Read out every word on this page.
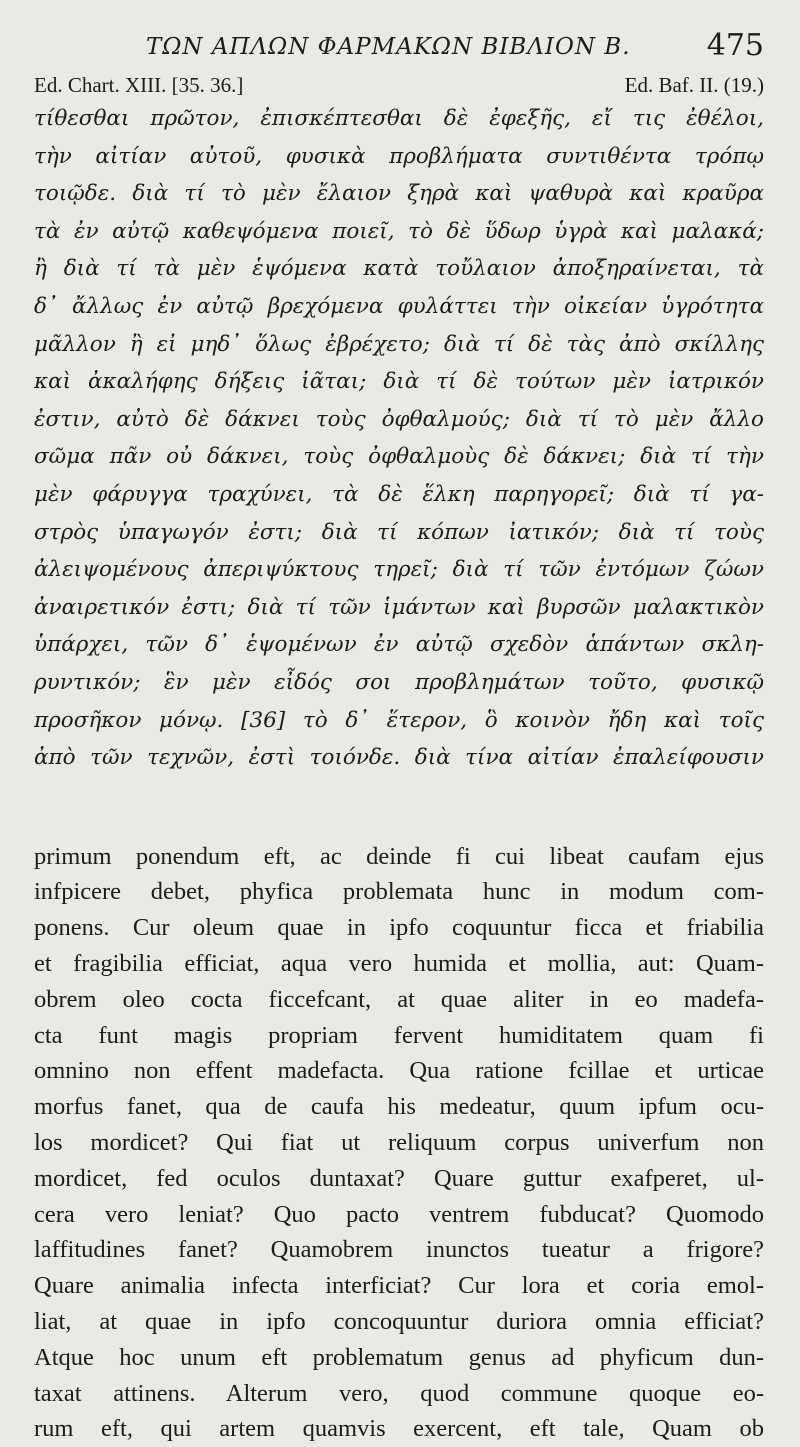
ΤΩΝ ΑΠΛΩΝ ΦΑΡΜΑΚΩΝ ΒΙΒΛΙΟΝ Β.	475
Ed. Chart. XIII. [35. 36.]	Ed. Baf. II. (19.)
τίθεσθαι πρῶτον, ἐπισκέπτεσθαι δὲ ἐφεξῆς, εἴ τις ἐθέλοι,
τὴν αἰτίαν αὐτοῦ, φυσικὰ προβλήματα συντιθέντα τρόπῳ
τοιῷδε. διὰ τί τὸ μὲν ἔλαιον ξηρὰ καὶ ψαθυρὰ καὶ κραῦρα
τὰ ἐν αὐτῷ καθεψόμενα ποιεῖ, τὸ δὲ ὕδωρ ὑγρὰ καὶ μαλακά;
ἢ διὰ τί τὰ μὲν ἑψόμενα κατὰ τοὔλαιον ἀποξηραίνεται, τὰ
δ᾽ ἄλλως ἐν αὐτῷ βρεχόμενα φυλάττει τὴν οἰκείαν ὑγρότητα
μᾶλλον ἢ εἰ μηδ᾽ ὅλως ἐβρέχετο; διὰ τί δὲ τὰς ἀπὸ σκίλλης
καὶ ἀκαλήφης δήξεις ἰᾶται; διὰ τί δὲ τούτων μὲν ἰατρικόν
ἐστιν, αὐτὸ δὲ δάκνει τοὺς ὀφθαλμούς; διὰ τί τὸ μὲν ἄλλο
σῶμα πᾶν οὐ δάκνει, τοὺς ὀφθαλμοὺς δὲ δάκνει; διὰ τί τὴν
μὲν φάρυγγα τραχύνει, τὰ δὲ ἕλκη παρηγορεῖ; διὰ τί γα-
στρὸς ὑπαγωγόν ἐστι; διὰ τί κόπων ἰατικόν; διὰ τί τοὺς
ἀλειψομένους ἀπεριψύκτους τηρεῖ; διὰ τί τῶν ἐντόμων ζώων
ἀναιρετικόν ἐστι; διὰ τί τῶν ἱμάντων καὶ βυρσῶν μαλακτικὸν
ὑπάρχει, τῶν δ᾽ ἑψομένων ἐν αὐτῷ σχεδὸν ἁπάντων σκλη-
ρυντικόν; ἓν μὲν εἶδός σοι προβλημάτων τοῦτο, φυσικῷ
προσῆκον μόνῳ. [36] τὸ δ᾽ ἕτερον, ὃ κοινὸν ἤδη καὶ τοῖς
ἀπὸ τῶν τεχνῶν, ἐστὶ τοιόνδε. διὰ τίνα αἰτίαν ἐπαλείφουσιν
primum ponendum eft, ac deinde fi cui libeat caufam ejus
infpicere debet, phyfica problemata hunc in modum com-
ponens. Cur oleum quae in ipfo coquuntur ficca et friabilia
et fragibilia efficiat, aqua vero humida et mollia, aut: Quam-
obrem oleo cocta ficcefcant, at quae aliter in eo madefa-
cta funt magis propriam fervent humiditatem quam fi
omnino non effent madefacta. Qua ratione fcillae et urticae
morfus fanet, qua de caufa his medeatur, quum ipfum ocu-
los mordicet? Qui fiat ut reliquum corpus univerfum non
mordicet, fed oculos duntaxat? Quare guttur exafperet, ul-
cera vero leniat? Quo pacto ventrem fubducat? Quomodo
laffitudines fanet? Quamobrem inunctos tueatur a frigore?
Quare animalia infecta interficiat? Cur lora et coria emol-
liat, at quae in ipfo concoquuntur duriora omnia efficiat?
Atque hoc unum eft problematum genus ad phyficum dun-
taxat attinens. Alterum vero, quod commune quoque eo-
rum eft, qui artem quamvis exercent, eft tale, Quam ob
